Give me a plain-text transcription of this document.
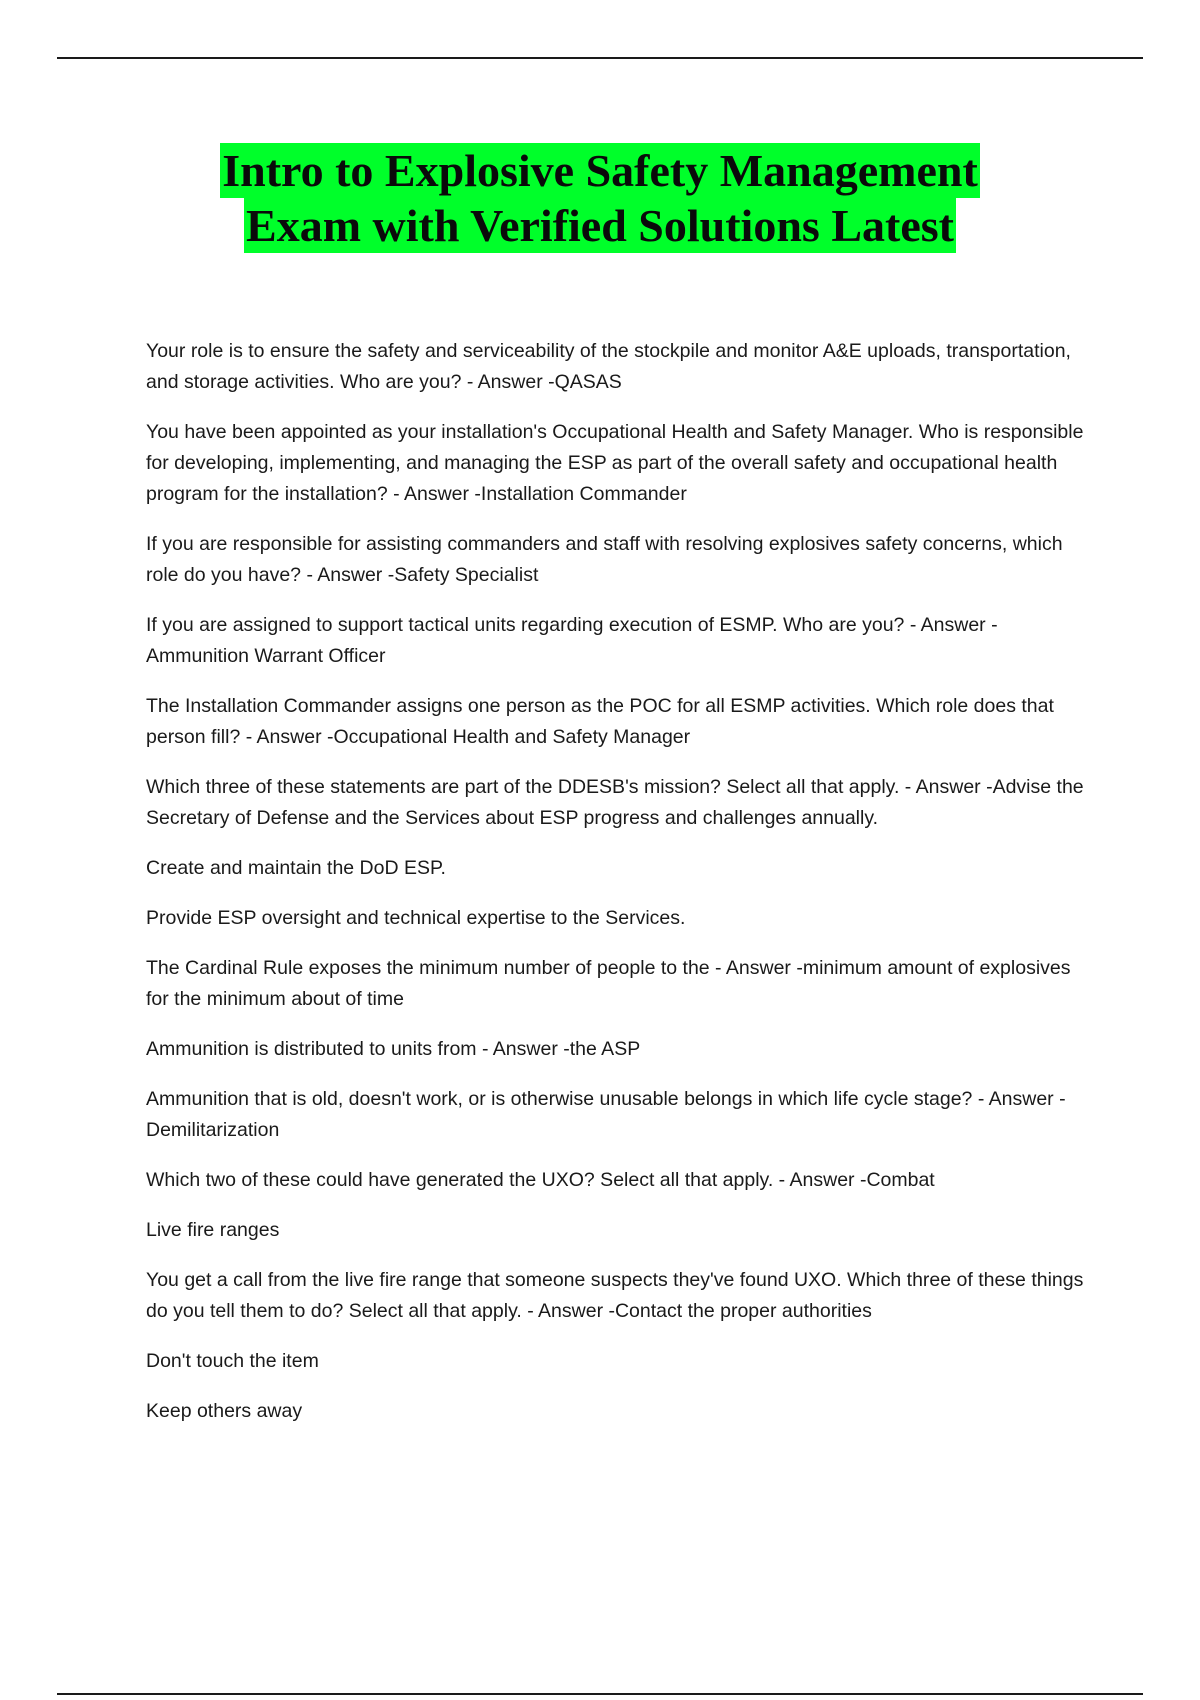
Intro to Explosive Safety Management
Exam with Verified Solutions Latest

Your role is to ensure the safety and serviceability of the stockpile and monitor A&E uploads, transportation, and storage activities. Who are you? - Answer -QASAS

You have been appointed as your installation's Occupational Health and Safety Manager. Who is responsible for developing, implementing, and managing the ESP as part of the overall safety and occupational health program for the installation? - Answer -Installation Commander

If you are responsible for assisting commanders and staff with resolving explosives safety concerns, which role do you have? - Answer -Safety Specialist

If you are assigned to support tactical units regarding execution of ESMP. Who are you? - Answer -Ammunition Warrant Officer

The Installation Commander assigns one person as the POC for all ESMP activities. Which role does that person fill? - Answer -Occupational Health and Safety Manager

Which three of these statements are part of the DDESB's mission? Select all that apply. - Answer -Advise the Secretary of Defense and the Services about ESP progress and challenges annually.

Create and maintain the DoD ESP.

Provide ESP oversight and technical expertise to the Services.

The Cardinal Rule exposes the minimum number of people to the - Answer -minimum amount of explosives for the minimum about of time

Ammunition is distributed to units from - Answer -the ASP

Ammunition that is old, doesn't work, or is otherwise unusable belongs in which life cycle stage? - Answer -Demilitarization

Which two of these could have generated the UXO? Select all that apply. - Answer -Combat

Live fire ranges

You get a call from the live fire range that someone suspects they've found UXO. Which three of these things do you tell them to do? Select all that apply. - Answer -Contact the proper authorities

Don't touch the item

Keep others away
